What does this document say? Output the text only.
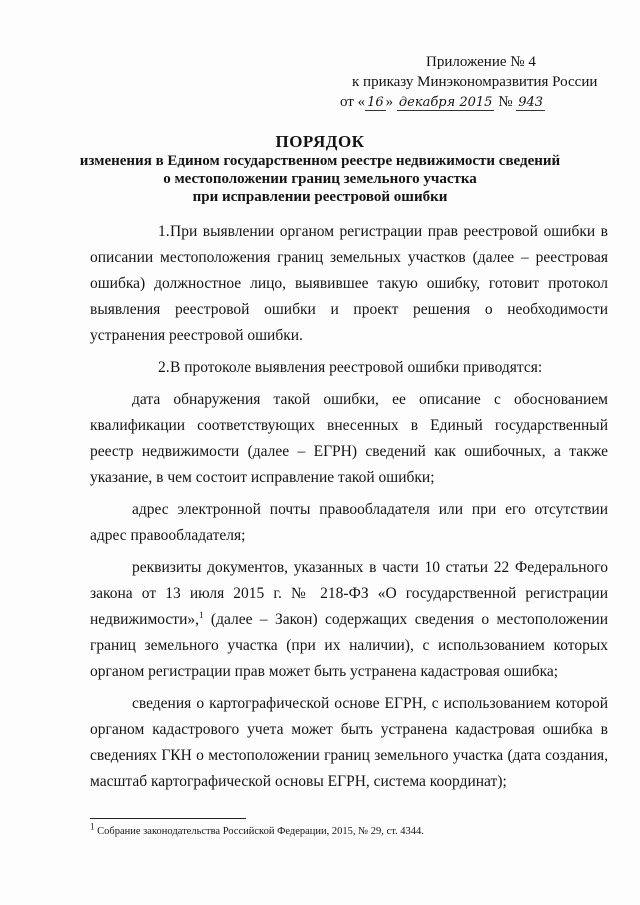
Приложение № 4
к приказу Минэкономразвития России
от « 16 » декабря 2015 № 943
ПОРЯДОК
изменения в Едином государственном реестре недвижимости сведений
о местоположении границ земельного участка
при исправлении реестровой ошибки

1.При выявлении органом регистрации прав реестровой ошибки в описании местоположения границ земельных участков (далее – реестровая ошибка) должностное лицо, выявившее такую ошибку, готовит протокол выявления реестровой ошибки и проект решения о необходимости устранения реестровой ошибки.

2.В протоколе выявления реестровой ошибки приводятся:

дата обнаружения такой ошибки, ее описание с обоснованием квалификации соответствующих внесенных в Единый государственный реестр недвижимости (далее – ЕГРН) сведений как ошибочных, а также указание, в чем состоит исправление такой ошибки;

адрес электронной почты правообладателя или при его отсутствии адрес правообладателя;

реквизиты документов, указанных в части 10 статьи 22 Федерального закона от 13 июля 2015 г. № 218-ФЗ «О государственной регистрации недвижимости»,$^1$ (далее – Закон) содержащих сведения о местоположении границ земельного участка (при их наличии), с использованием которых органом регистрации прав может быть устранена кадастровая ошибка;

сведения о картографической основе ЕГРН, с использованием которой органом кадастрового учета может быть устранена кадастровая ошибка в сведениях ГКН о местоположении границ земельного участка (дата создания, масштаб картографической основы ЕГРН, система координат);

1 Собрание законодательства Российской Федерации, 2015, № 29, ст. 4344.
